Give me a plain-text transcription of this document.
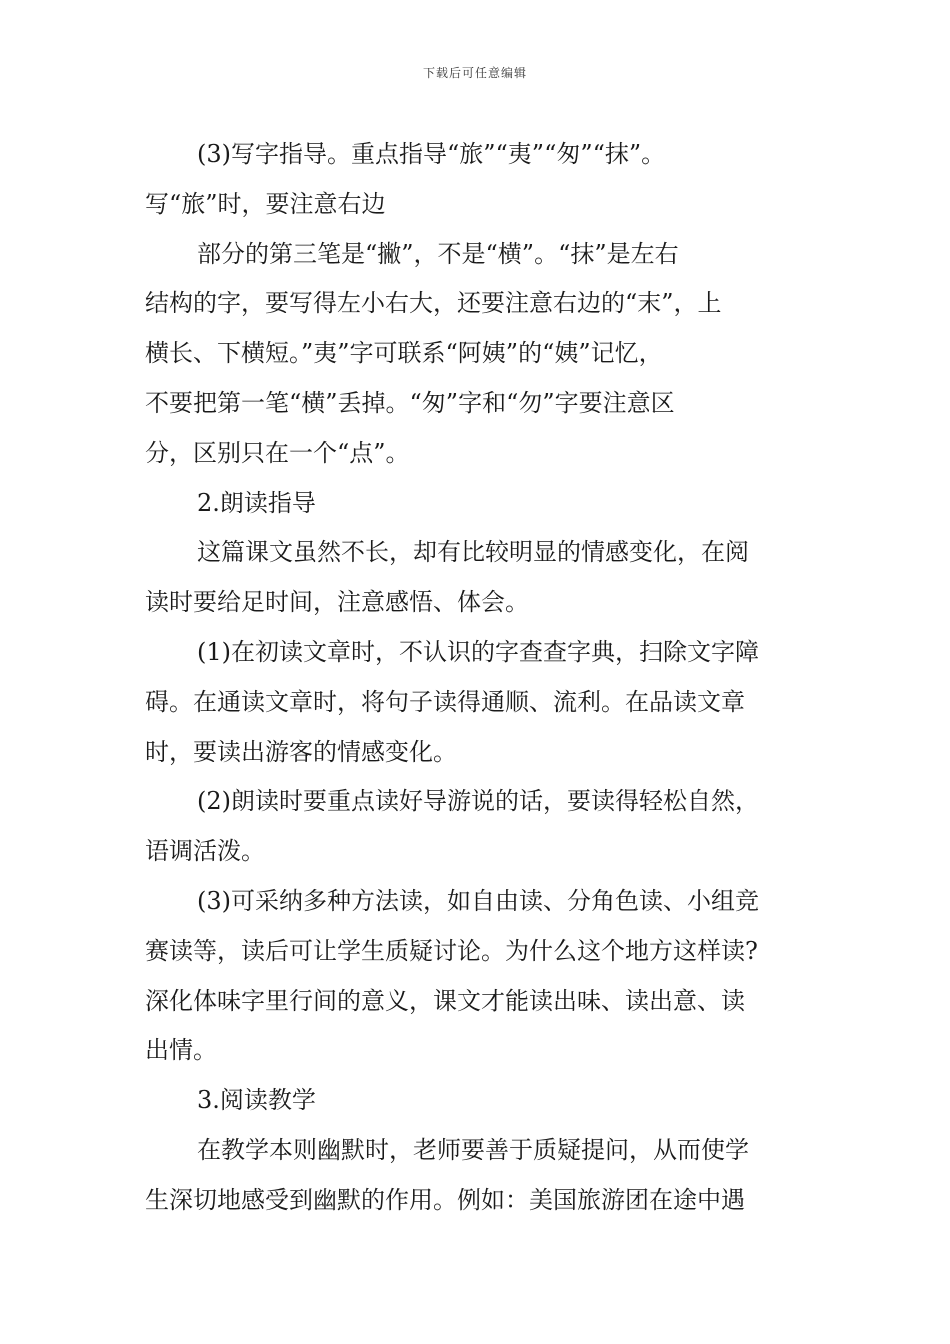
下载后可任意编辑

(3)写字指导。重点指导“旅”“夷”“匆”“抹”。
写“旅”时，要注意右边

部分的第三笔是“撇”，不是“横”。“抹”是左右
结构的字，要写得左小右大，还要注意右边的“末”，上
横长、下横短。”夷”字可联系“阿姨”的“姨”记忆，
不要把第一笔“横”丢掉。“匆”字和“勿”字要注意区
分，区别只在一个“点”。

2.朗读指导

这篇课文虽然不长，却有比较明显的情感变化，在阅
读时要给足时间，注意感悟、体会。

(1)在初读文章时，不认识的字查查字典，扫除文字障
碍。在通读文章时，将句子读得通顺、流利。在品读文章
时，要读出游客的情感变化。

(2)朗读时要重点读好导游说的话，要读得轻松自然，
语调活泼。

(3)可采纳多种方法读，如自由读、分角色读、小组竞
赛读等，读后可让学生质疑讨论。为什么这个地方这样读?
深化体味字里行间的意义，课文才能读出味、读出意、读
出情。

3.阅读教学

在教学本则幽默时，老师要善于质疑提问，从而使学
生深切地感受到幽默的作用。例如：美国旅游团在途中遇
